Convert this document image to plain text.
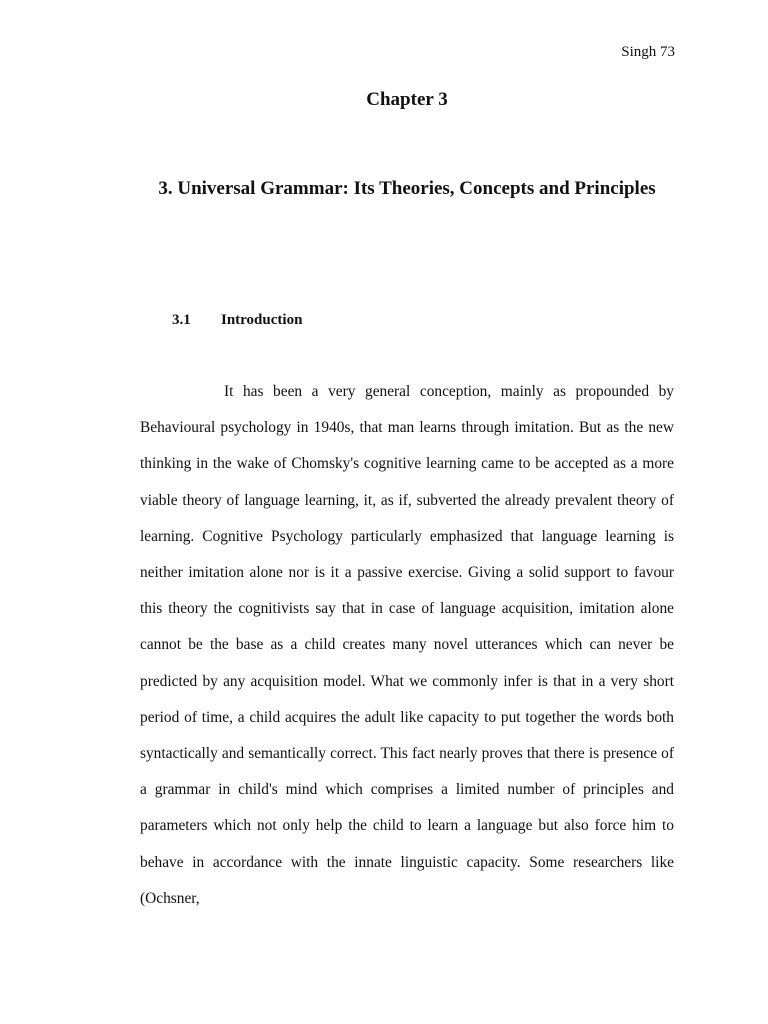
Singh 73
Chapter 3
3. Universal Grammar: Its Theories, Concepts and Principles
3.1 Introduction

It has been a very general conception, mainly as propounded by Behavioural psychology in 1940s, that man learns through imitation. But as the new thinking in the wake of Chomsky's cognitive learning came to be accepted as a more viable theory of language learning, it, as if, subverted the already prevalent theory of learning. Cognitive Psychology particularly emphasized that language learning is neither imitation alone nor is it a passive exercise. Giving a solid support to favour this theory the cognitivists say that in case of language acquisition, imitation alone cannot be the base as a child creates many novel utterances which can never be predicted by any acquisition model. What we commonly infer is that in a very short period of time, a child acquires the adult like capacity to put together the words both syntactically and semantically correct. This fact nearly proves that there is presence of a grammar in child's mind which comprises a limited number of principles and parameters which not only help the child to learn a language but also force him to behave in accordance with the innate linguistic capacity. Some researchers like (Ochsner,
